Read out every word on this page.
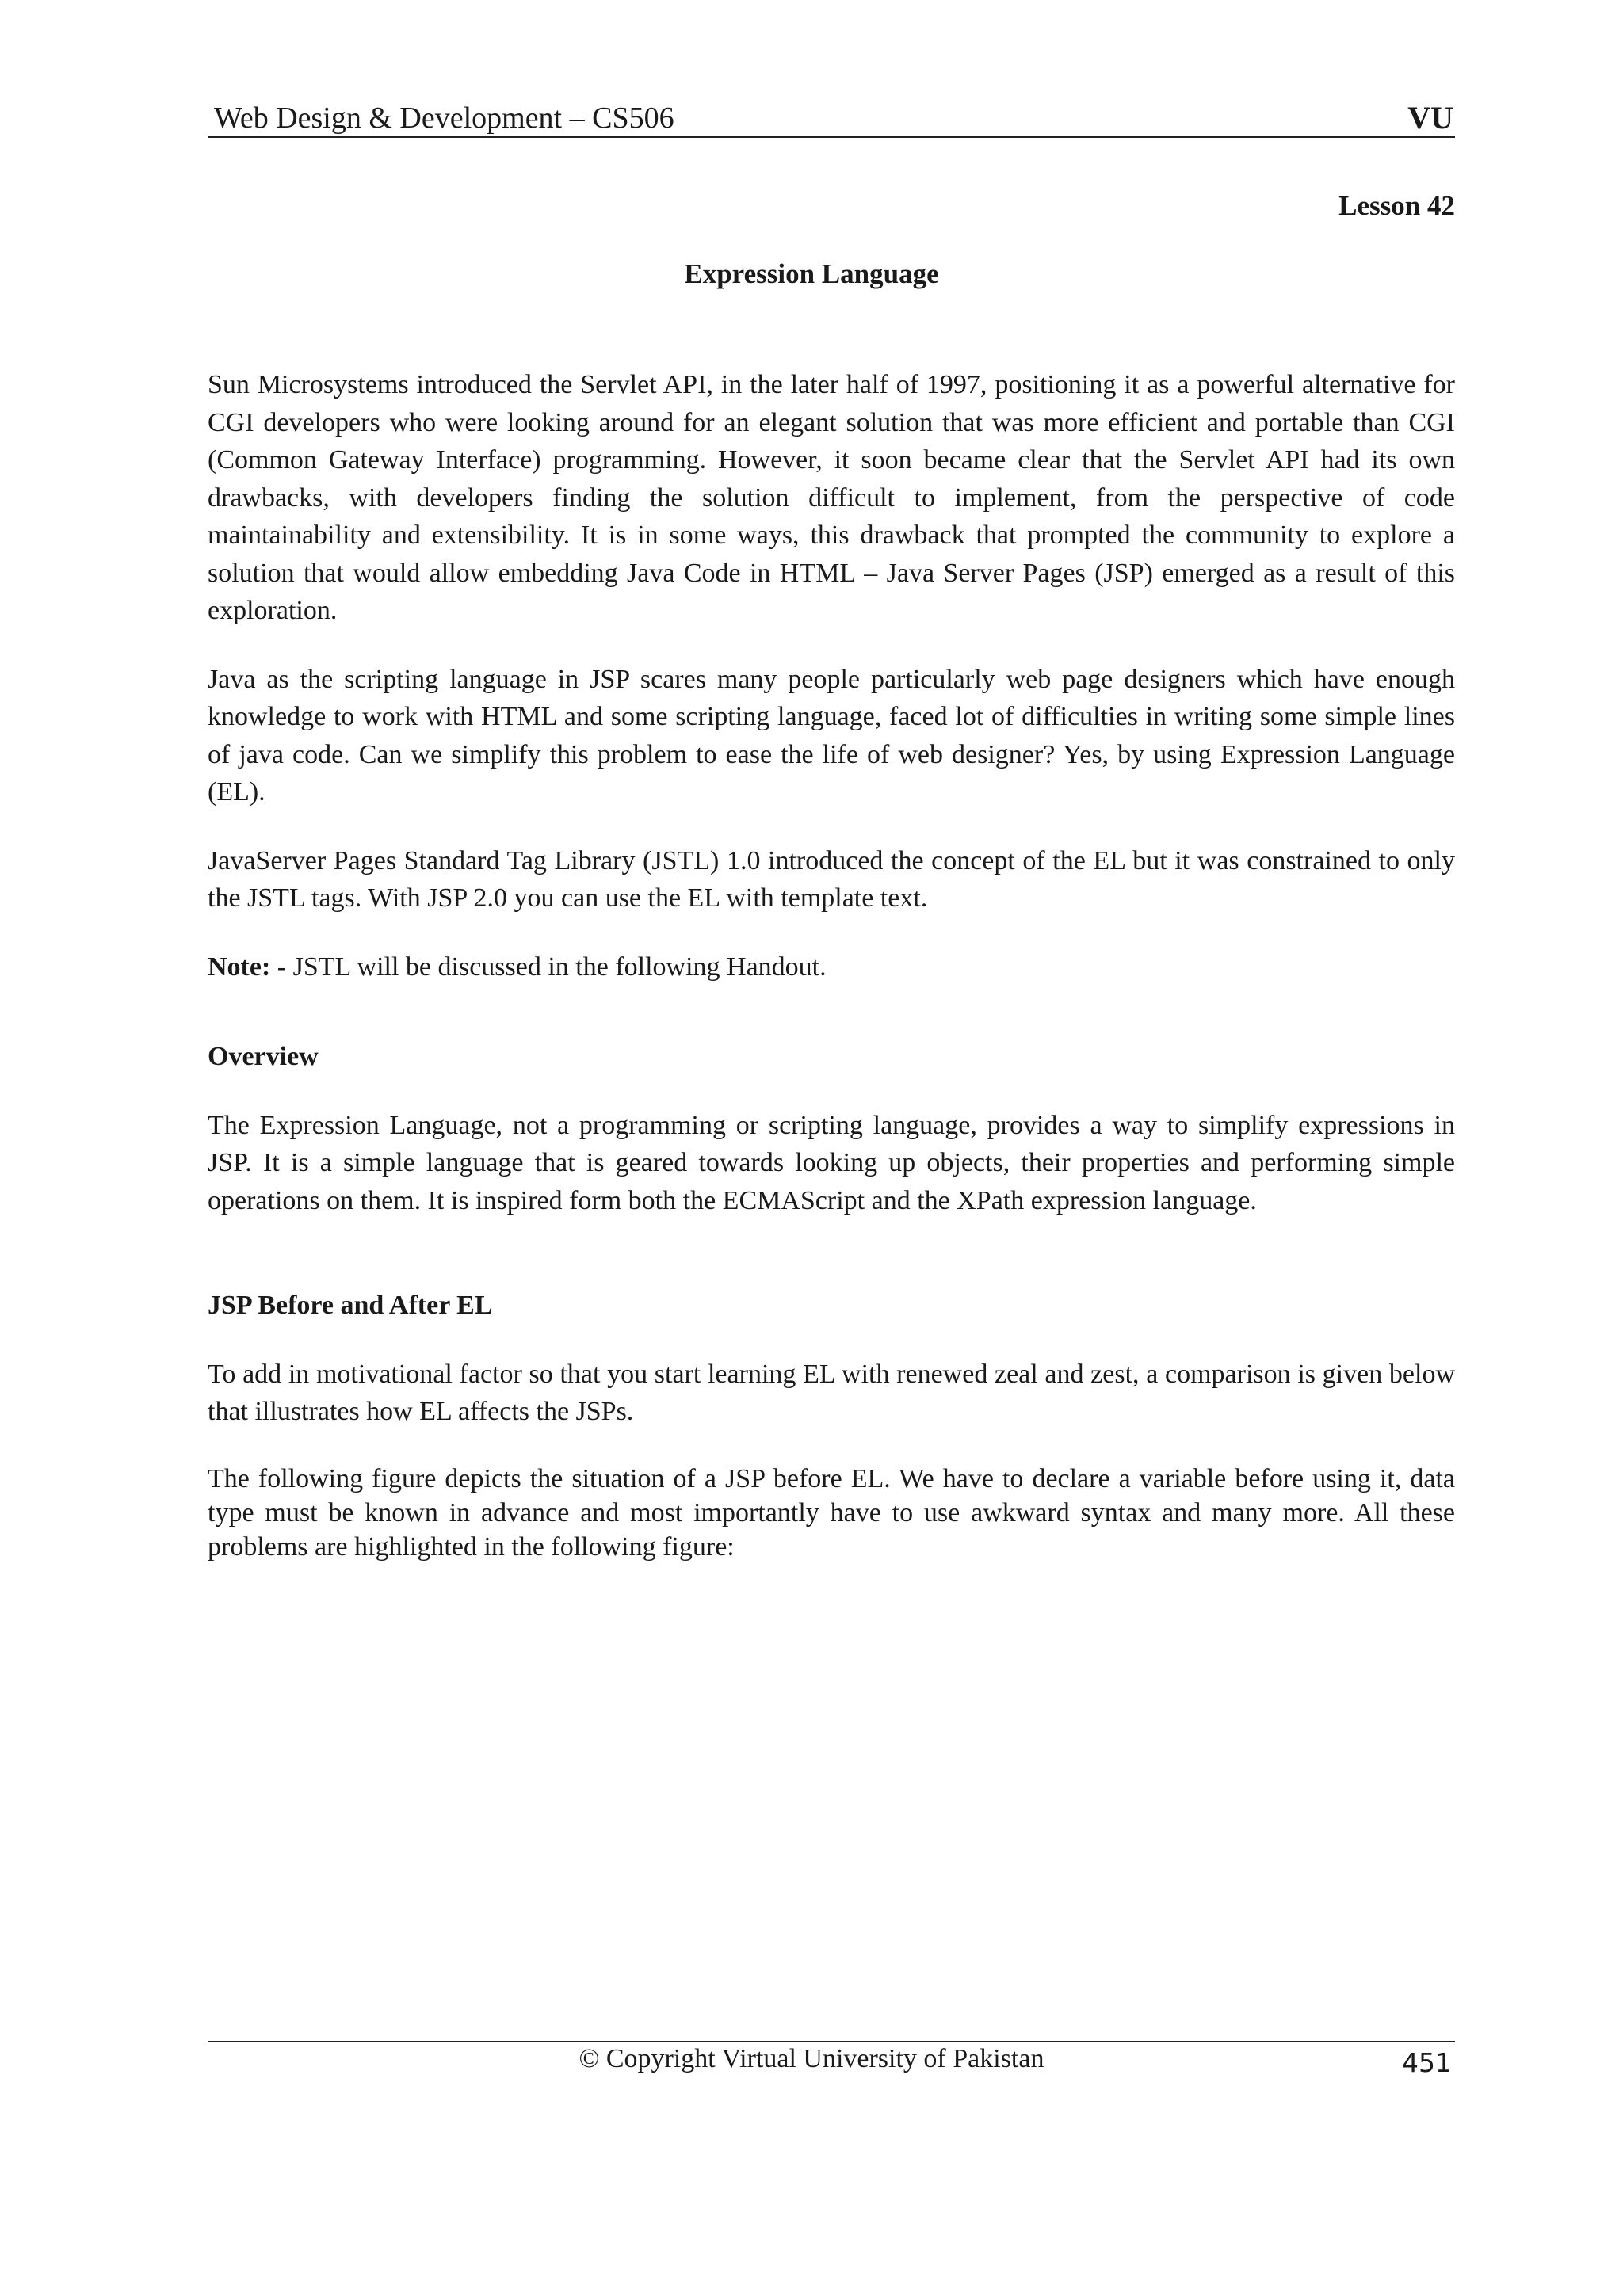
Web Design & Development – CS506	VU
Lesson 42
Expression Language

Sun Microsystems introduced the Servlet API, in the later half of 1997, positioning it as a powerful alternative for CGI developers who were looking around for an elegant solution that was more efficient and portable than CGI (Common Gateway Interface) programming. However, it soon became clear that the Servlet API had its own drawbacks, with developers finding the solution difficult to implement, from the perspective of code maintainability and extensibility. It is in some ways, this drawback that prompted the community to explore a solution that would allow embedding Java Code in HTML – Java Server Pages (JSP) emerged as a result of this exploration.

Java as the scripting language in JSP scares many people particularly web page designers which have enough knowledge to work with HTML and some scripting language, faced lot of difficulties in writing some simple lines of java code. Can we simplify this problem to ease the life of web designer? Yes, by using Expression Language (EL).

JavaServer Pages Standard Tag Library (JSTL) 1.0 introduced the concept of the EL but it was constrained to only the JSTL tags. With JSP 2.0 you can use the EL with template text.

Note: - JSTL will be discussed in the following Handout.

Overview

The Expression Language, not a programming or scripting language, provides a way to simplify expressions in JSP. It is a simple language that is geared towards looking up objects, their properties and performing simple operations on them. It is inspired form both the ECMAScript and the XPath expression language.

JSP Before and After EL

To add in motivational factor so that you start learning EL with renewed zeal and zest, a comparison is given below that illustrates how EL affects the JSPs.

The following figure depicts the situation of a JSP before EL. We have to declare a variable before using it, data type must be known in advance and most importantly have to use awkward syntax and many more. All these problems are highlighted in the following figure:

© Copyright Virtual University of Pakistan	451
